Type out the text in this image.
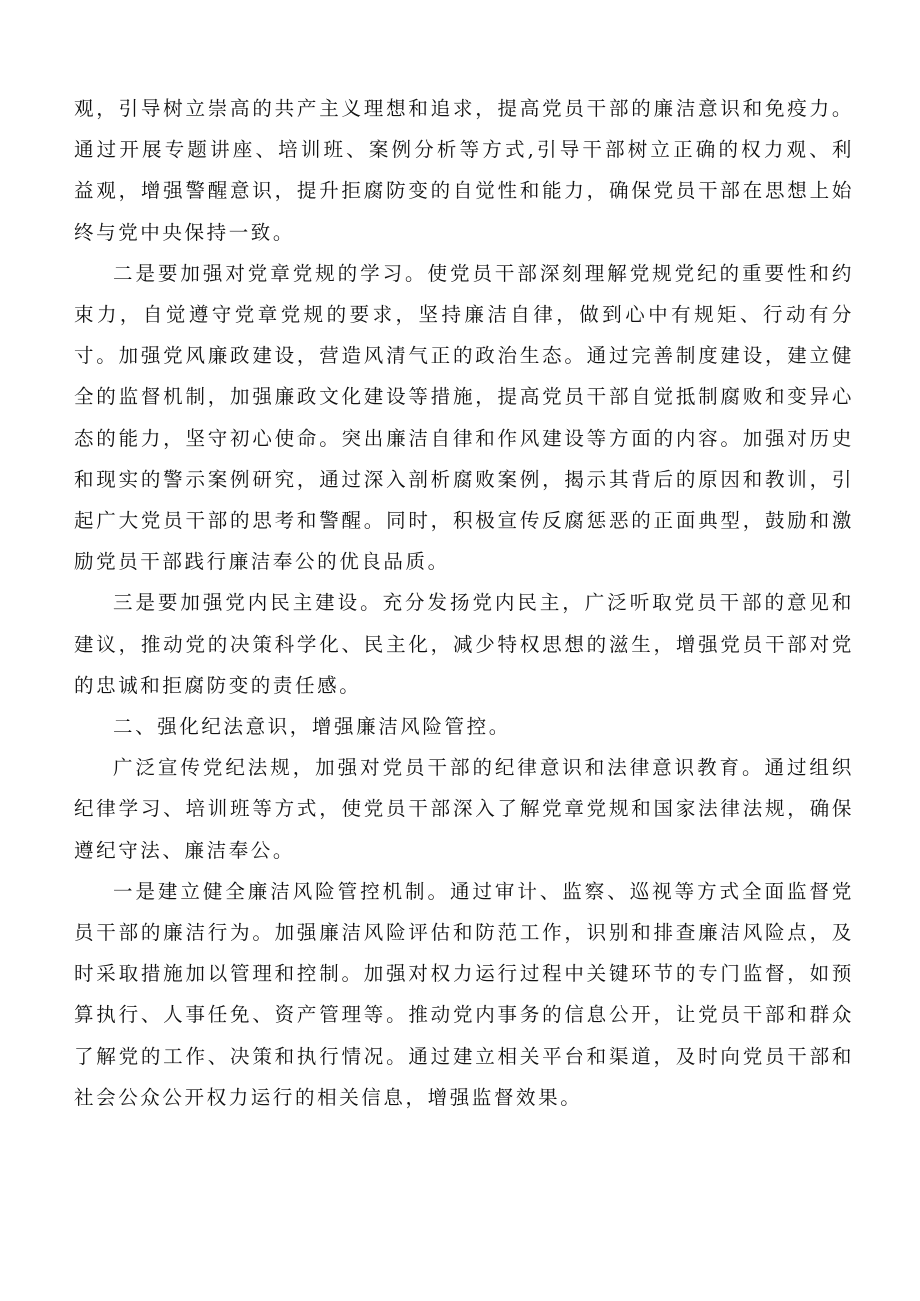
观，引导树立崇高的共产主义理想和追求，提高党员干部的廉洁意识和免疫力。通过开展专题讲座、培训班、案例分析等方式,引导干部树立正确的权力观、利益观，增强警醒意识，提升拒腐防变的自觉性和能力，确保党员干部在思想上始终与党中央保持一致。

二是要加强对党章党规的学习。使党员干部深刻理解党规党纪的重要性和约束力，自觉遵守党章党规的要求，坚持廉洁自律，做到心中有规矩、行动有分寸。加强党风廉政建设，营造风清气正的政治生态。通过完善制度建设，建立健全的监督机制，加强廉政文化建设等措施，提高党员干部自觉抵制腐败和变异心态的能力，坚守初心使命。突出廉洁自律和作风建设等方面的内容。加强对历史和现实的警示案例研究，通过深入剖析腐败案例，揭示其背后的原因和教训，引起广大党员干部的思考和警醒。同时，积极宣传反腐惩恶的正面典型，鼓励和激励党员干部践行廉洁奉公的优良品质。

三是要加强党内民主建设。充分发扬党内民主，广泛听取党员干部的意见和建议，推动党的决策科学化、民主化，减少特权思想的滋生，增强党员干部对党的忠诚和拒腐防变的责任感。

二、强化纪法意识，增强廉洁风险管控。

广泛宣传党纪法规，加强对党员干部的纪律意识和法律意识教育。通过组织纪律学习、培训班等方式，使党员干部深入了解党章党规和国家法律法规，确保遵纪守法、廉洁奉公。

一是建立健全廉洁风险管控机制。通过审计、监察、巡视等方式全面监督党员干部的廉洁行为。加强廉洁风险评估和防范工作，识别和排查廉洁风险点，及时采取措施加以管理和控制。加强对权力运行过程中关键环节的专门监督，如预算执行、人事任免、资产管理等。推动党内事务的信息公开，让党员干部和群众了解党的工作、决策和执行情况。通过建立相关平台和渠道，及时向党员干部和社会公众公开权力运行的相关信息，增强监督效果。
